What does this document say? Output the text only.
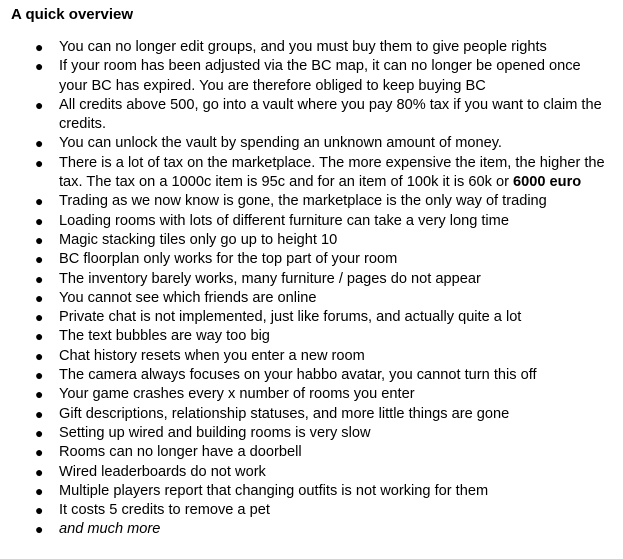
A quick overview
● You can no longer edit groups, and you must buy them to give people rights
● If your room has been adjusted via the BC map, it can no longer be opened once your BC has expired. You are therefore obliged to keep buying BC
● All credits above 500, go into a vault where you pay 80% tax if you want to claim the credits.
● You can unlock the vault by spending an unknown amount of money.
● There is a lot of tax on the marketplace. The more expensive the item, the higher the tax. The tax on a 1000c item is 95c and for an item of 100k it is 60k or 6000 euro
● Trading as we now know is gone, the marketplace is the only way of trading
● Loading rooms with lots of different furniture can take a very long time
● Magic stacking tiles only go up to height 10
● BC floorplan only works for the top part of your room
● The inventory barely works, many furniture / pages do not appear
● You cannot see which friends are online
● Private chat is not implemented, just like forums, and actually quite a lot
● The text bubbles are way too big
● Chat history resets when you enter a new room
● The camera always focuses on your habbo avatar, you cannot turn this off
● Your game crashes every x number of rooms you enter
● Gift descriptions, relationship statuses, and more little things are gone
● Setting up wired and building rooms is very slow
● Rooms can no longer have a doorbell
● Wired leaderboards do not work
● Multiple players report that changing outfits is not working for them
● It costs 5 credits to remove a pet
● and much more
